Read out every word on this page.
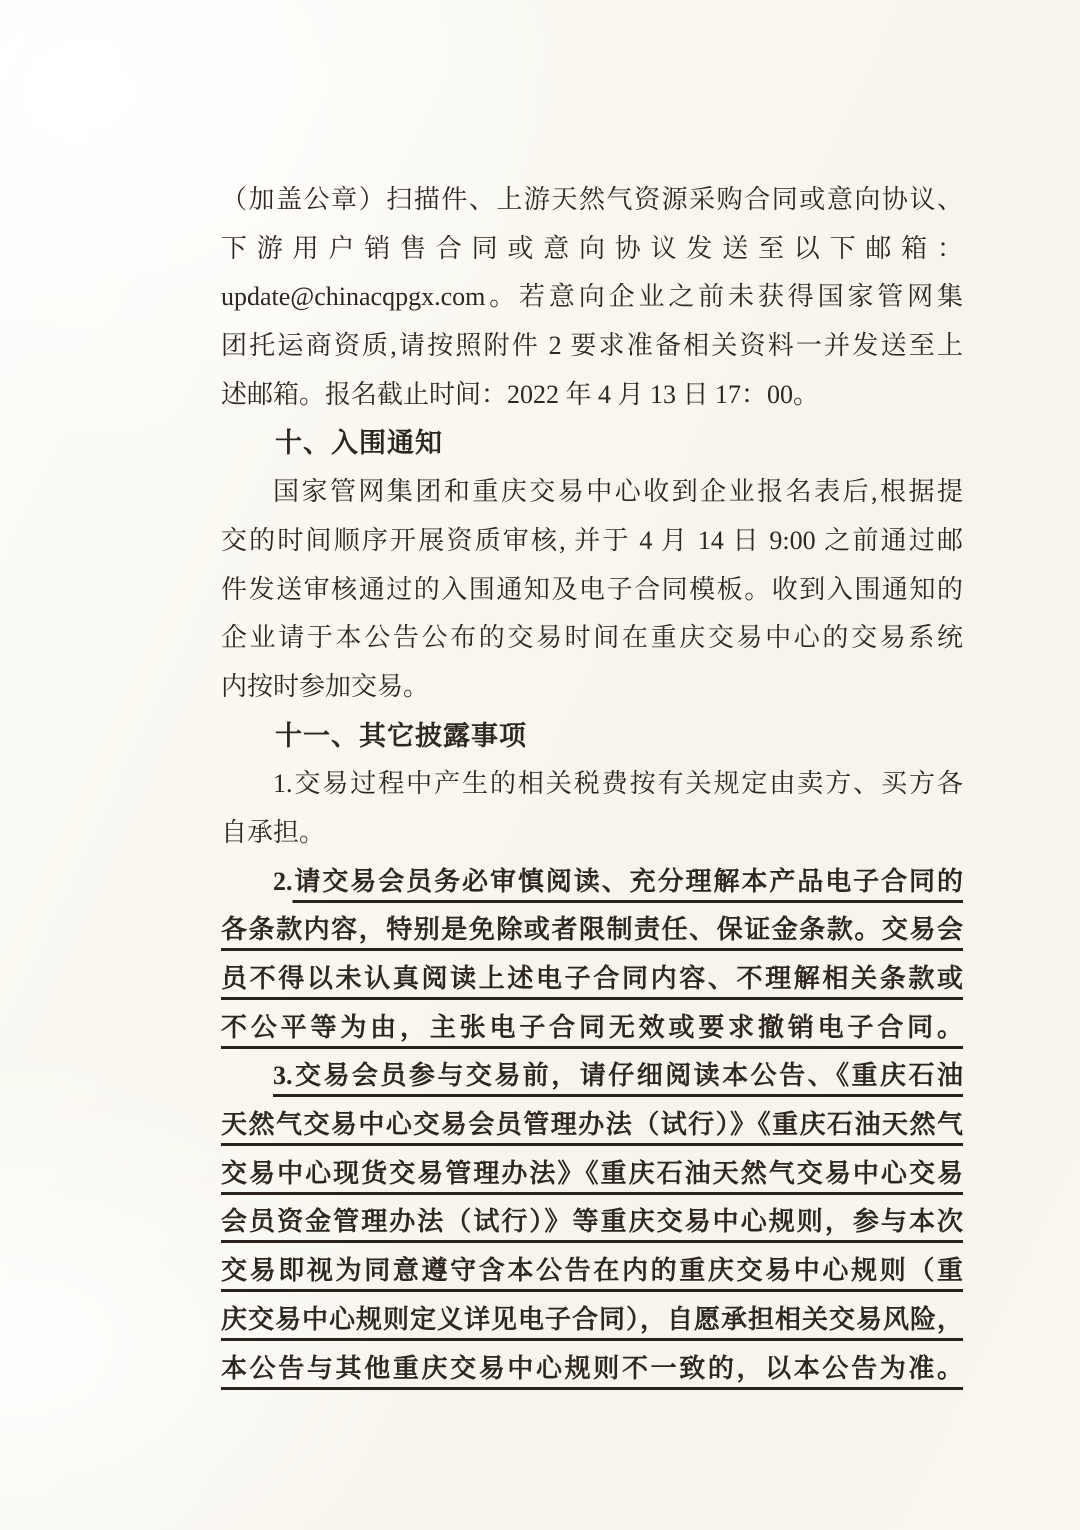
（加盖公章）扫描件、上游天然气资源采购合同或意向协议、
下游用户销售合同或意向协议发送至以下邮箱：
update@chinacqpgx.com。若意向企业之前未获得国家管网集
团托运商资质,请按照附件 2 要求准备相关资料一并发送至上
述邮箱。报名截止时间：2022 年 4 月 13 日 17：00。
十、入围通知
国家管网集团和重庆交易中心收到企业报名表后,根据提
交的时间顺序开展资质审核, 并于 4 月 14 日 9:00 之前通过邮
件发送审核通过的入围通知及电子合同模板。收到入围通知的
企业请于本公告公布的交易时间在重庆交易中心的交易系统
内按时参加交易。
十一、其它披露事项
1.交易过程中产生的相关税费按有关规定由卖方、买方各
自承担。
2.请交易会员务必审慎阅读、充分理解本产品电子合同的
各条款内容，特别是免除或者限制责任、保证金条款。交易会
员不得以未认真阅读上述电子合同内容、不理解相关条款或
不公平等为由，主张电子合同无效或要求撤销电子合同。
3.交易会员参与交易前，请仔细阅读本公告、《重庆石油
天然气交易中心交易会员管理办法（试行）》《重庆石油天然气
交易中心现货交易管理办法》《重庆石油天然气交易中心交易
会员资金管理办法（试行）》等重庆交易中心规则，参与本次
交易即视为同意遵守含本公告在内的重庆交易中心规则（重
庆交易中心规则定义详见电子合同），自愿承担相关交易风险，
本公告与其他重庆交易中心规则不一致的，以本公告为准。
